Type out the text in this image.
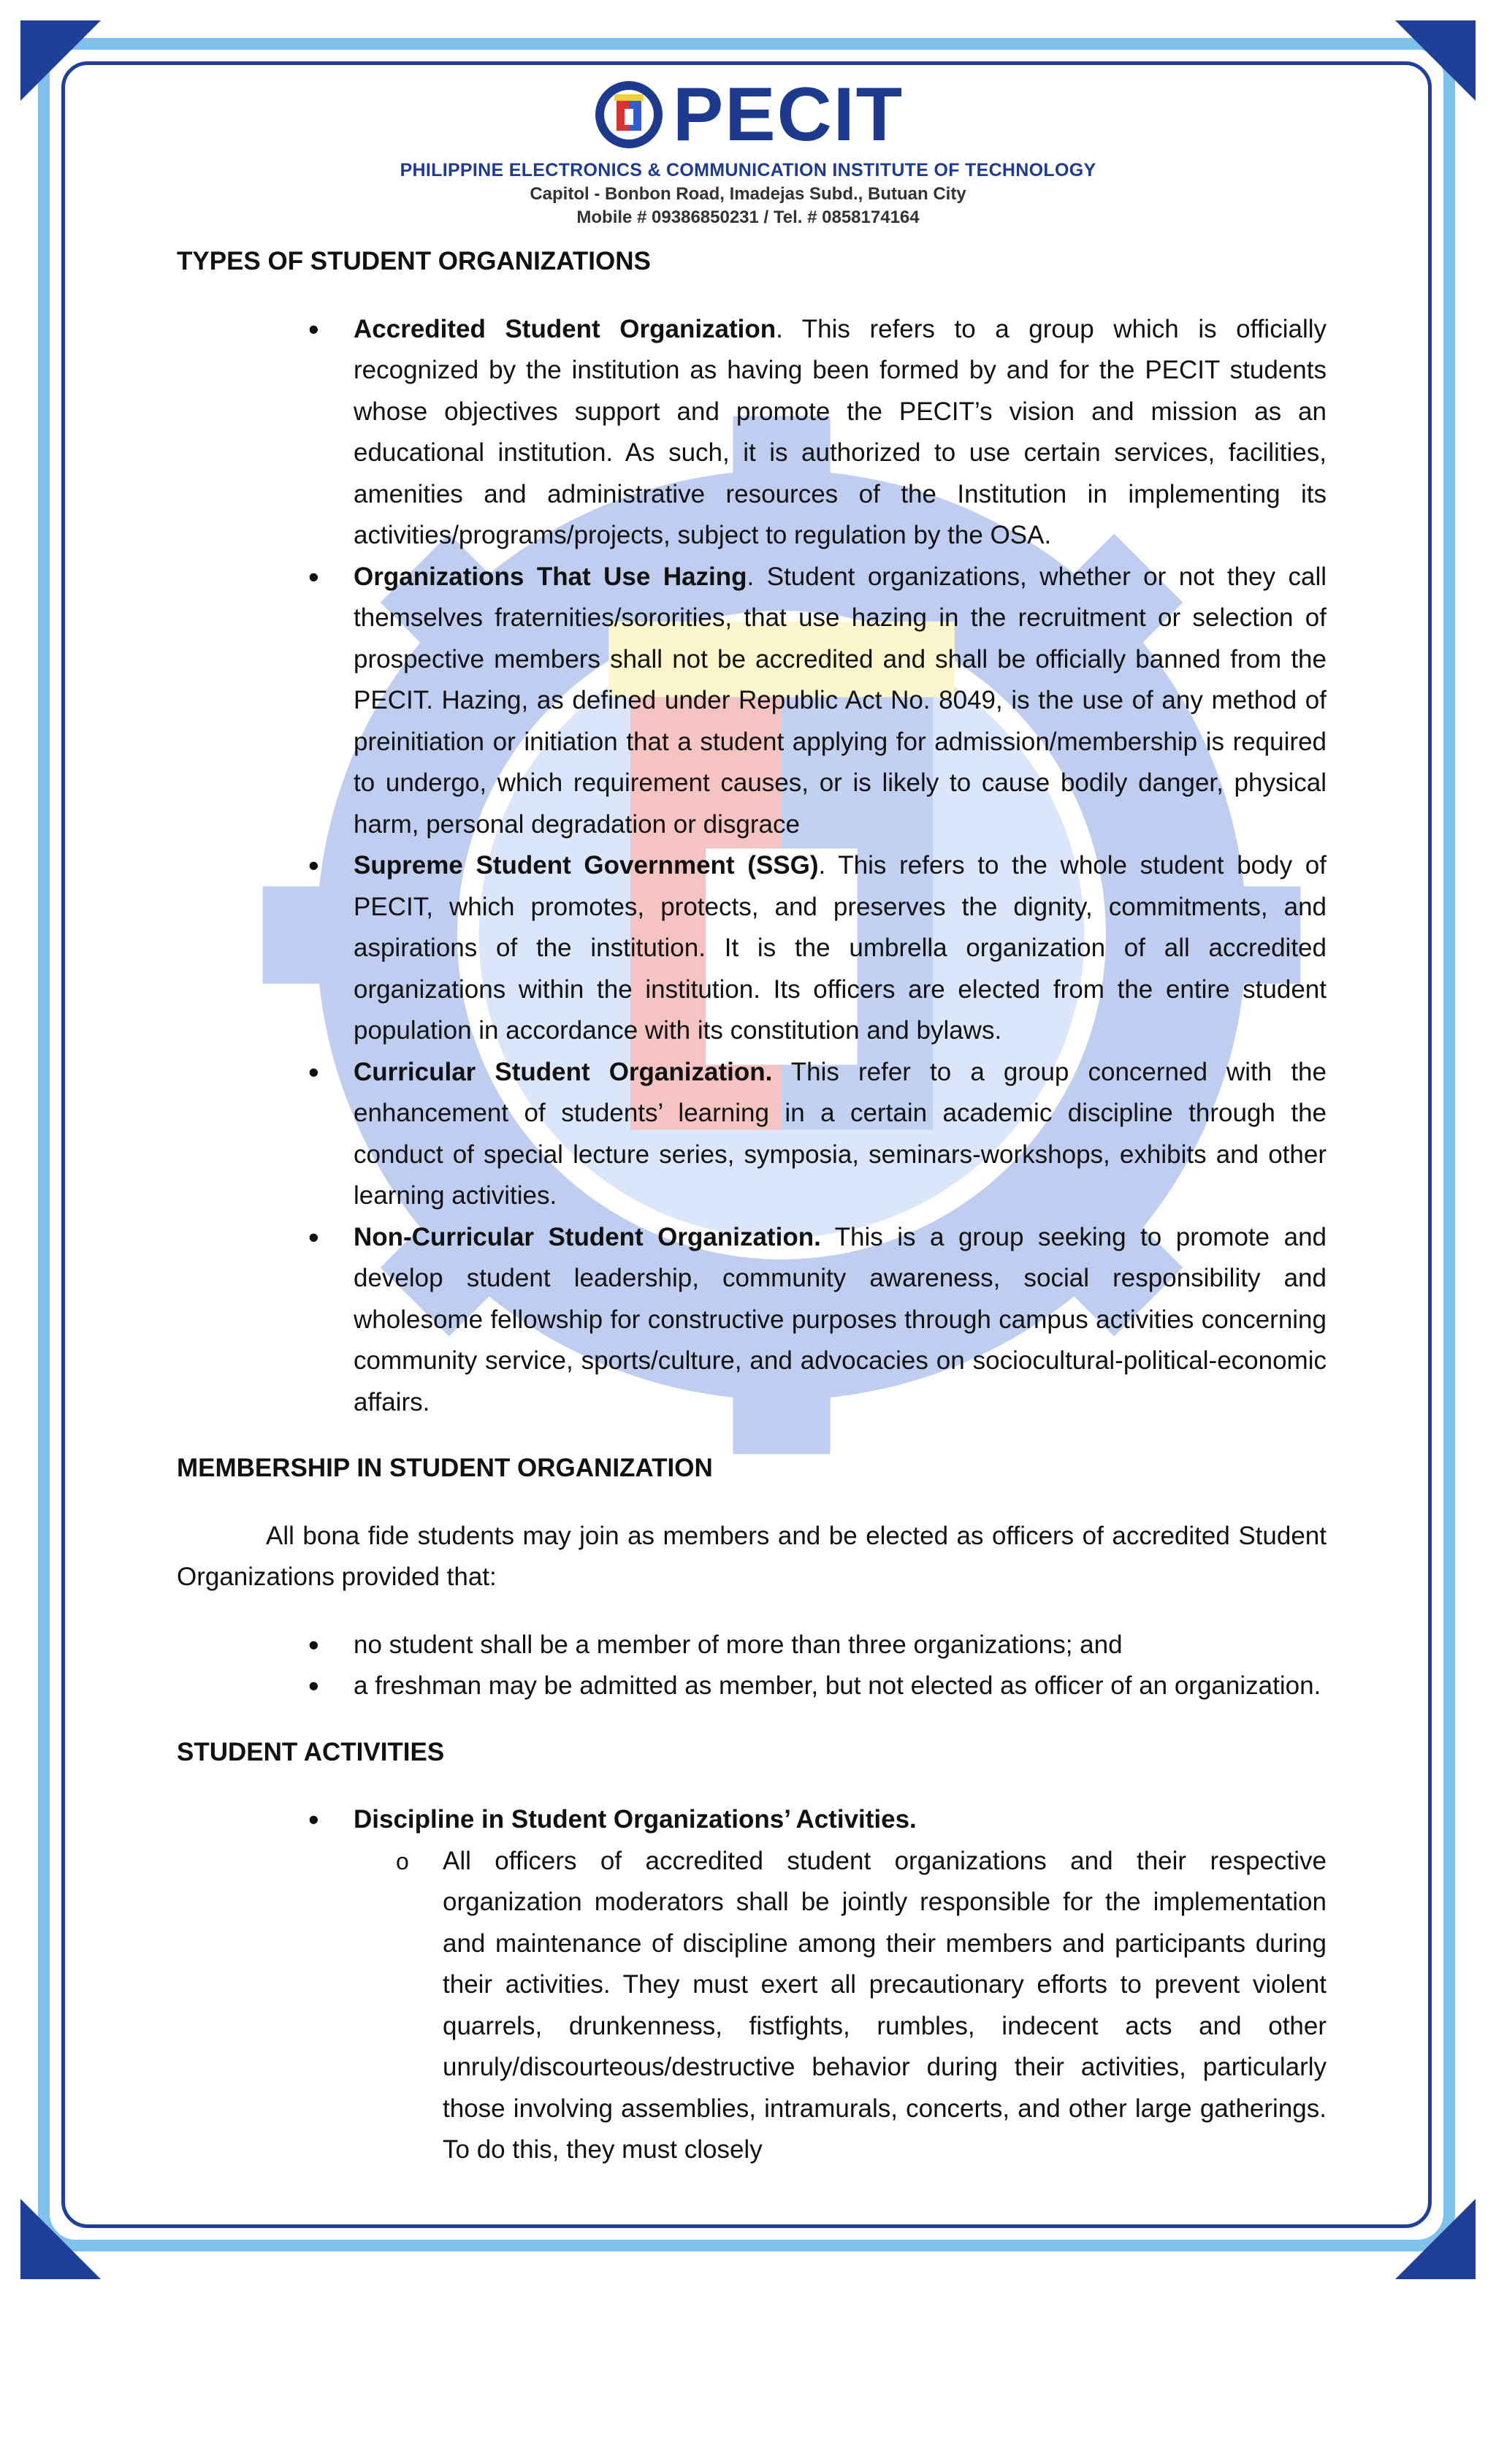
PECIT
PHILIPPINE ELECTRONICS & COMMUNICATION INSTITUTE OF TECHNOLOGY
Capitol - Bonbon Road, Imadejas Subd., Butuan City
Mobile # 09386850231 / Tel. # 0858174164

TYPES OF STUDENT ORGANIZATIONS

• Accredited Student Organization. This refers to a group which is officially recognized by the institution as having been formed by and for the PECIT students whose objectives support and promote the PECIT’s vision and mission as an educational institution. As such, it is authorized to use certain services, facilities, amenities and administrative resources of the Institution in implementing its activities/programs/projects, subject to regulation by the OSA.
• Organizations That Use Hazing. Student organizations, whether or not they call themselves fraternities/sororities, that use hazing in the recruitment or selection of prospective members shall not be accredited and shall be officially banned from the PECIT. Hazing, as defined under Republic Act No. 8049, is the use of any method of preinitiation or initiation that a student applying for admission/membership is required to undergo, which requirement causes, or is likely to cause bodily danger, physical harm, personal degradation or disgrace
• Supreme Student Government (SSG). This refers to the whole student body of PECIT, which promotes, protects, and preserves the dignity, commitments, and aspirations of the institution. It is the umbrella organization of all accredited organizations within the institution. Its officers are elected from the entire student population in accordance with its constitution and bylaws.
• Curricular Student Organization. This refer to a group concerned with the enhancement of students’ learning in a certain academic discipline through the conduct of special lecture series, symposia, seminars-workshops, exhibits and other learning activities.
• Non-Curricular Student Organization. This is a group seeking to promote and develop student leadership, community awareness, social responsibility and wholesome fellowship for constructive purposes through campus activities concerning community service, sports/culture, and advocacies on sociocultural-political-economic affairs.

MEMBERSHIP IN STUDENT ORGANIZATION

All bona fide students may join as members and be elected as officers of accredited Student Organizations provided that:

• no student shall be a member of more than three organizations; and
• a freshman may be admitted as member, but not elected as officer of an organization.

STUDENT ACTIVITIES

• Discipline in Student Organizations’ Activities.
o All officers of accredited student organizations and their respective organization moderators shall be jointly responsible for the implementation and maintenance of discipline among their members and participants during their activities. They must exert all precautionary efforts to prevent violent quarrels, drunkenness, fistfights, rumbles, indecent acts and other unruly/discourteous/destructive behavior during their activities, particularly those involving assemblies, intramurals, concerts, and other large gatherings. To do this, they must closely
